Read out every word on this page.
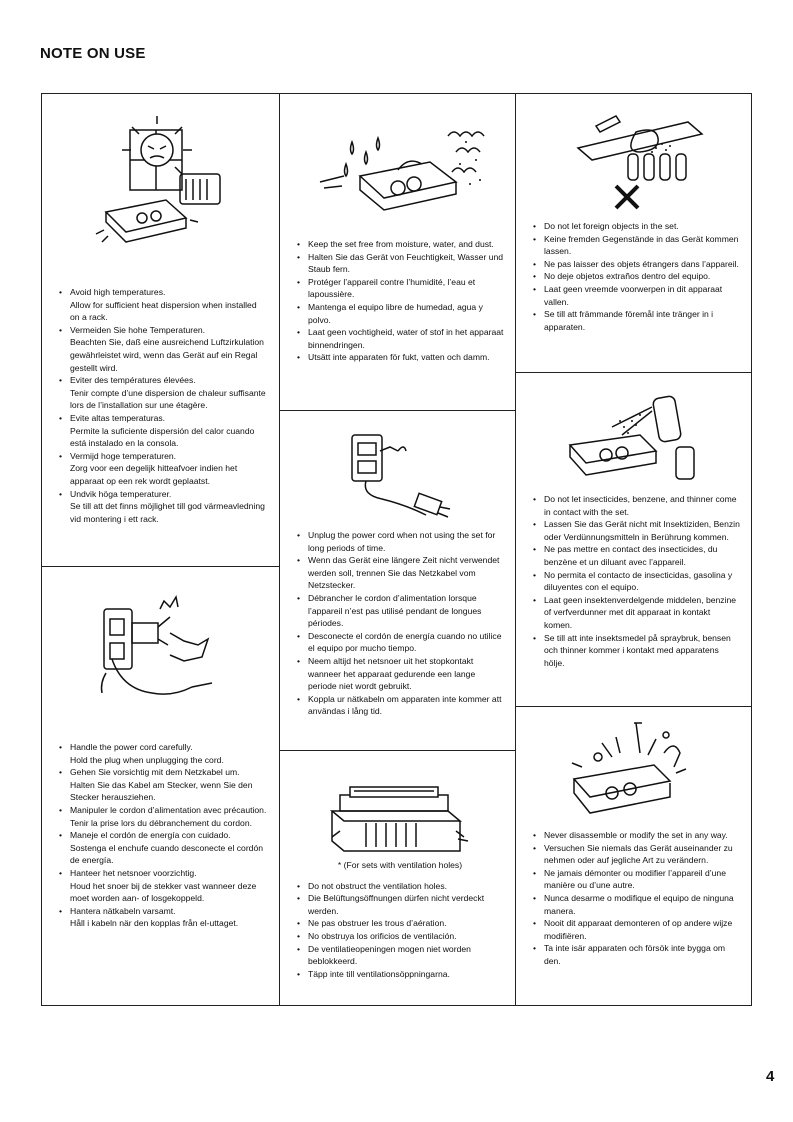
NOTE ON USE
• Avoid high temperatures.
Allow for sufficient heat dispersion when installed on a rack.
• Vermeiden Sie hohe Temperaturen.
Beachten Sie, daß eine ausreichend Luftzirkulation gewährleistet wird, wenn das Gerät auf ein Regal gestellt wird.
• Eviter des températures élevées.
Tenir compte d’une dispersion de chaleur suffisante lors de l’installation sur une étagère.
• Evite altas temperaturas.
Permite la suficiente dispersión del calor cuando está instalado en la consola.
• Vermijd hoge temperaturen.
Zorg voor een degelijk hitteafvoer indien het apparaat op een rek wordt geplaatst.
• Undvik höga temperaturer.
Se till att det finns möjlighet till god värmeavledning vid montering i ett rack.
• Handle the power cord carefully.
Hold the plug when unplugging the cord.
• Gehen Sie vorsichtig mit dem Netzkabel um.
Halten Sie das Kabel am Stecker, wenn Sie den Stecker herausziehen.
• Manipuler le cordon d’alimentation avec précaution.
Tenir la prise lors du débranchement du cordon.
• Maneje el cordón de energía con cuidado.
Sostenga el enchufe cuando desconecte el cordón de energía.
• Hanteer het netsnoer voorzichtig.
Houd het snoer bij de stekker vast wanneer deze moet worden aan- of losgekoppeld.
• Hantera nätkabeln varsamt.
Håll i kabeln när den kopplas från el-uttaget.
• Keep the set free from moisture, water, and dust.
• Halten Sie das Gerät von Feuchtigkeit, Wasser und Staub fern.
• Protéger l’appareil contre l’humidité, l’eau et lapoussière.
• Mantenga el equipo libre de humedad, agua y polvo.
• Laat geen vochtigheid, water of stof in het apparaat binnendringen.
• Utsätt inte apparaten för fukt, vatten och damm.
• Unplug the power cord when not using the set for long periods of time.
• Wenn das Gerät eine längere Zeit nicht verwendet werden soll, trennen Sie das Netzkabel vom Netzstecker.
• Débrancher le cordon d’alimentation lorsque l’appareil n’est pas utilisé pendant de longues périodes.
• Desconecte el cordón de energía cuando no utilice el equipo por mucho tiempo.
• Neem altijd het netsnoer uit het stopkontakt wanneer het apparaat gedurende een lange periode niet wordt gebruikt.
• Koppla ur nätkabeln om apparaten inte kommer att användas i lång tid.
* (For sets with ventilation holes)
• Do not obstruct the ventilation holes.
• Die Belüftungsöffnungen dürfen nicht verdeckt werden.
• Ne pas obstruer les trous d’aération.
• No obstruya los orificios de ventilación.
• De ventilatieopeningen mogen niet worden beblokkeerd.
• Täpp inte till ventilationsöppningarna.
• Do not let foreign objects in the set.
• Keine fremden Gegenstände in das Gerät kommen lassen.
• Ne pas laisser des objets étrangers dans l’appareil.
• No deje objetos extraños dentro del equipo.
• Laat geen vreemde voorwerpen in dit apparaat vallen.
• Se till att främmande föremål inte tränger in i apparaten.
• Do not let insecticides, benzene, and thinner come in contact with the set.
• Lassen Sie das Gerät nicht mit Insektiziden, Benzin oder Verdünnungsmitteln in Berührung kommen.
• Ne pas mettre en contact des insecticides, du benzène et un diluant avec l’appareil.
• No permita el contacto de insecticidas, gasolina y diluyentes con el equipo.
• Laat geen insektenverdelgende middelen, benzine of verfverdunner met dit apparaat in kontakt komen.
• Se till att inte insektsmedel på spraybruk, bensen och thinner kommer i kontakt med apparatens hölje.
• Never disassemble or modify the set in any way.
• Versuchen Sie niemals das Gerät auseinander zu nehmen oder auf jegliche Art zu verändern.
• Ne jamais démonter ou modifier l’appareil d’une manière ou d’une autre.
• Nunca desarme o modifique el equipo de ninguna manera.
• Nooit dit apparaat demonteren of op andere wijze modifiëren.
• Ta inte isär apparaten och försök inte bygga om den.
4
